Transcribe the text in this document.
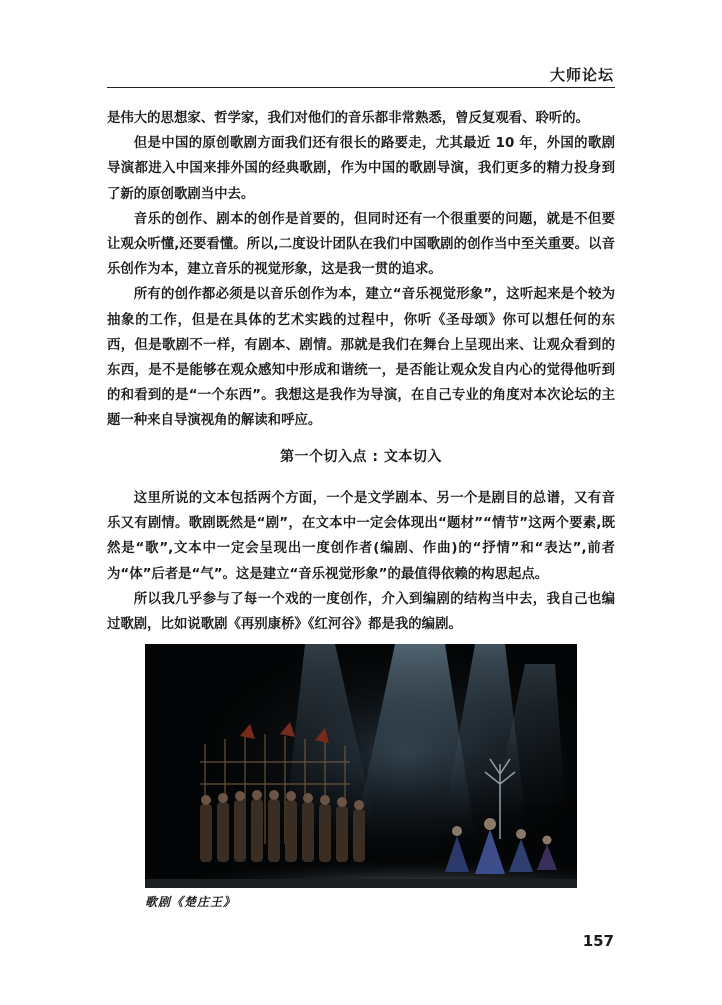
大师论坛

是伟大的思想家、哲学家，我们对他们的音乐都非常熟悉，曾反复观看、聆听的。

但是中国的原创歌剧方面我们还有很长的路要走，尤其最近 10 年，外国的歌剧导演都进入中国来排外国的经典歌剧，作为中国的歌剧导演，我们更多的精力投身到了新的原创歌剧当中去。

音乐的创作、剧本的创作是首要的，但同时还有一个很重要的问题，就是不但要让观众听懂,还要看懂。所以,二度设计团队在我们中国歌剧的创作当中至关重要。以音乐创作为本，建立音乐的视觉形象，这是我一贯的追求。

所有的创作都必须是以音乐创作为本，建立“音乐视觉形象”，这听起来是个较为抽象的工作，但是在具体的艺术实践的过程中，你听《圣母颂》你可以想任何的东西，但是歌剧不一样，有剧本、剧情。那就是我们在舞台上呈现出来、让观众看到的东西，是不是能够在观众感知中形成和谐统一，是否能让观众发自内心的觉得他听到的和看到的是“一个东西”。我想这是我作为导演，在自己专业的角度对本次论坛的主题一种来自导演视角的解读和呼应。

第一个切入点 : 文本切入

这里所说的文本包括两个方面，一个是文学剧本、另一个是剧目的总谱，又有音乐又有剧情。歌剧既然是“剧”，在文本中一定会体现出“题材”“情节”这两个要素,既然是“歌”,文本中一定会呈现出一度创作者(编剧、作曲)的“抒情”和“表达”,前者为“体”后者是“气”。这是建立“音乐视觉形象”的最值得依赖的构思起点。

所以我几乎参与了每一个戏的一度创作，介入到编剧的结构当中去，我自己也编过歌剧，比如说歌剧《再别康桥》《红河谷》都是我的编剧。

歌剧《楚庄王》
157
